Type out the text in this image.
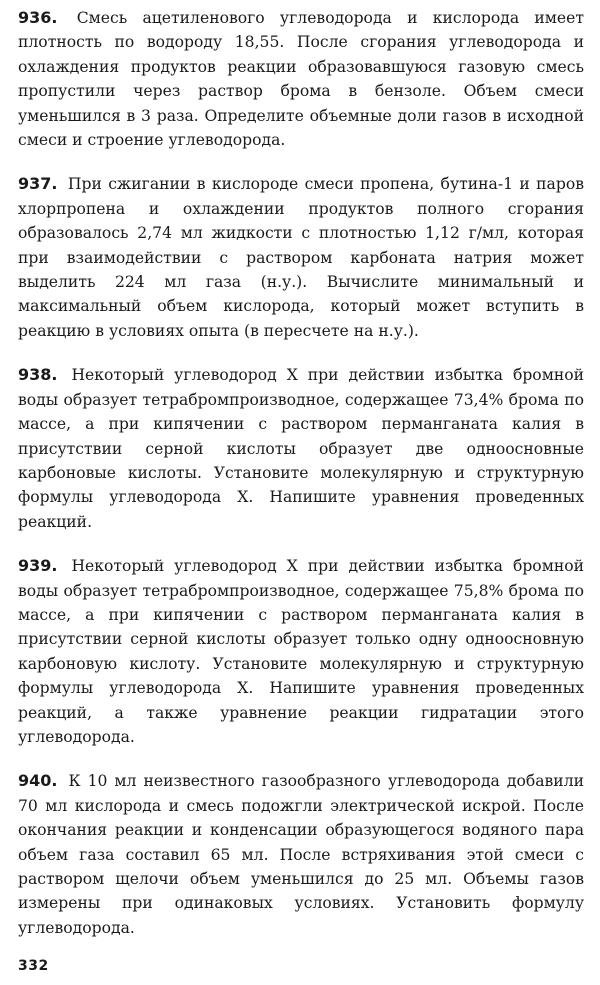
936. Смесь ацетиленового углеводорода и кислорода имеет плотность по водороду 18,55. После сгорания углеводорода и охлаждения продуктов реакции образовавшуюся газовую смесь пропустили через раствор брома в бензоле. Объем смеси уменьшился в 3 раза. Определите объемные доли газов в исходной смеси и строение углеводорода.

937. При сжигании в кислороде смеси пропена, бутина-1 и паров хлорпропена и охлаждении продуктов полного сгорания образовалось 2,74 мл жидкости с плотностью 1,12 г/мл, которая при взаимодействии с раствором карбоната натрия может выделить 224 мл газа (н.у.). Вычислите минимальный и максимальный объем кислорода, который может вступить в реакцию в условиях опыта (в пересчете на н.у.).

938. Некоторый углеводород X при действии избытка бромной воды образует тетрабромпроизводное, содержащее 73,4% брома по массе, а при кипячении с раствором перманганата калия в присутствии серной кислоты образует две одноосновные карбоновые кислоты. Установите молекулярную и структурную формулы углеводорода X. Напишите уравнения проведенных реакций.

939. Некоторый углеводород X при действии избытка бромной воды образует тетрабромпроизводное, содержащее 75,8% брома по массе, а при кипячении с раствором перманганата калия в присутствии серной кислоты образует только одну одноосновную карбоновую кислоту. Установите молекулярную и структурную формулы углеводорода X. Напишите уравнения проведенных реакций, а также уравнение реакции гидратации этого углеводорода.

940. К 10 мл неизвестного газообразного углеводорода добавили 70 мл кислорода и смесь подожгли электрической искрой. После окончания реакции и конденсации образующегося водяного пара объем газа составил 65 мл. После встряхивания этой смеси с раствором щелочи объем уменьшился до 25 мл. Объемы газов измерены при одинаковых условиях. Установить формулу углеводорода.

332
